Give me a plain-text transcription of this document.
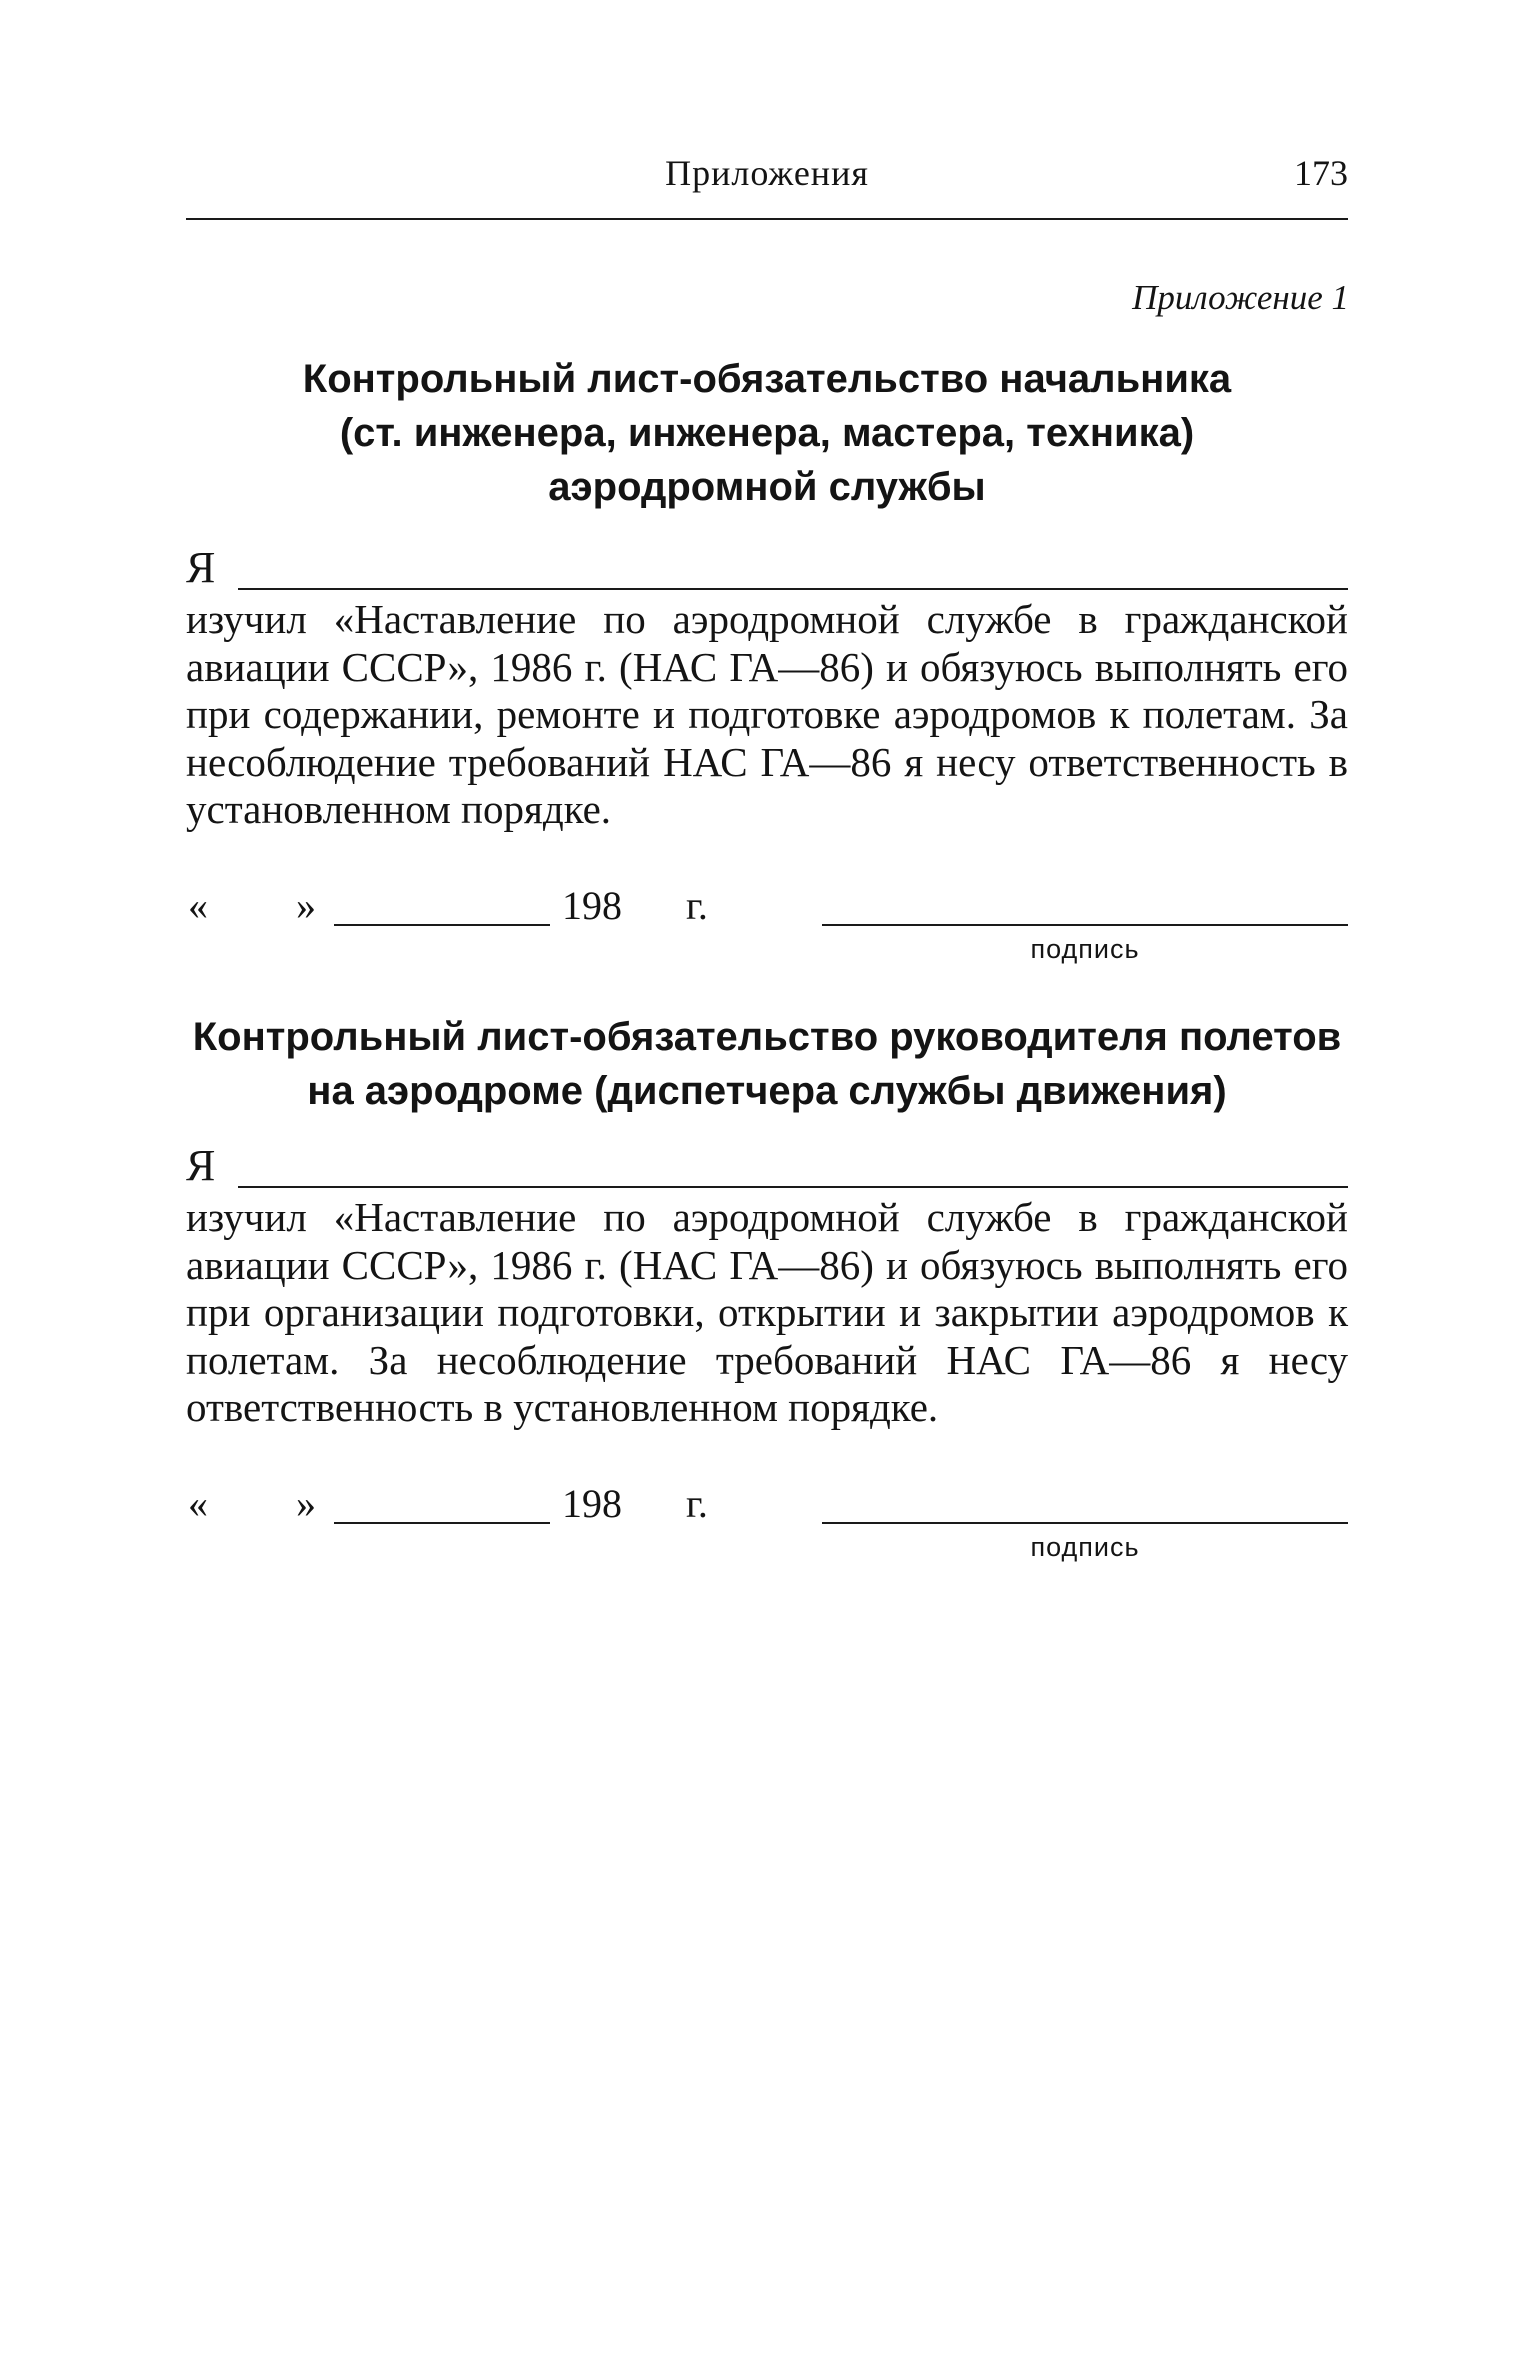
Приложения	173
Приложение 1
Контрольный лист-обязательство начальника
(ст. инженера, инженера, мастера, техника)
аэродромной службы
Я

изучил «Наставление по аэродромной службе в гражданской авиации СССР», 1986 г. (НАС ГА—86) и обязуюсь выполнять его при содержании, ремонте и подготовке аэродромов к полетам. За несоблюдение требований НАС ГА—86 я несу ответственность в установленном порядке.

« »	198 г.
подпись
Контрольный лист-обязательство руководителя полетов
на аэродроме (диспетчера службы движения)
Я

изучил «Наставление по аэродромной службе в гражданской авиации СССР», 1986 г. (НАС ГА—86) и обязуюсь выполнять его при организации подготовки, открытии и закрытии аэродромов к полетам. За несоблюдение требований НАС ГА—86 я несу ответственность в установленном порядке.

« »	198 г.
подпись
